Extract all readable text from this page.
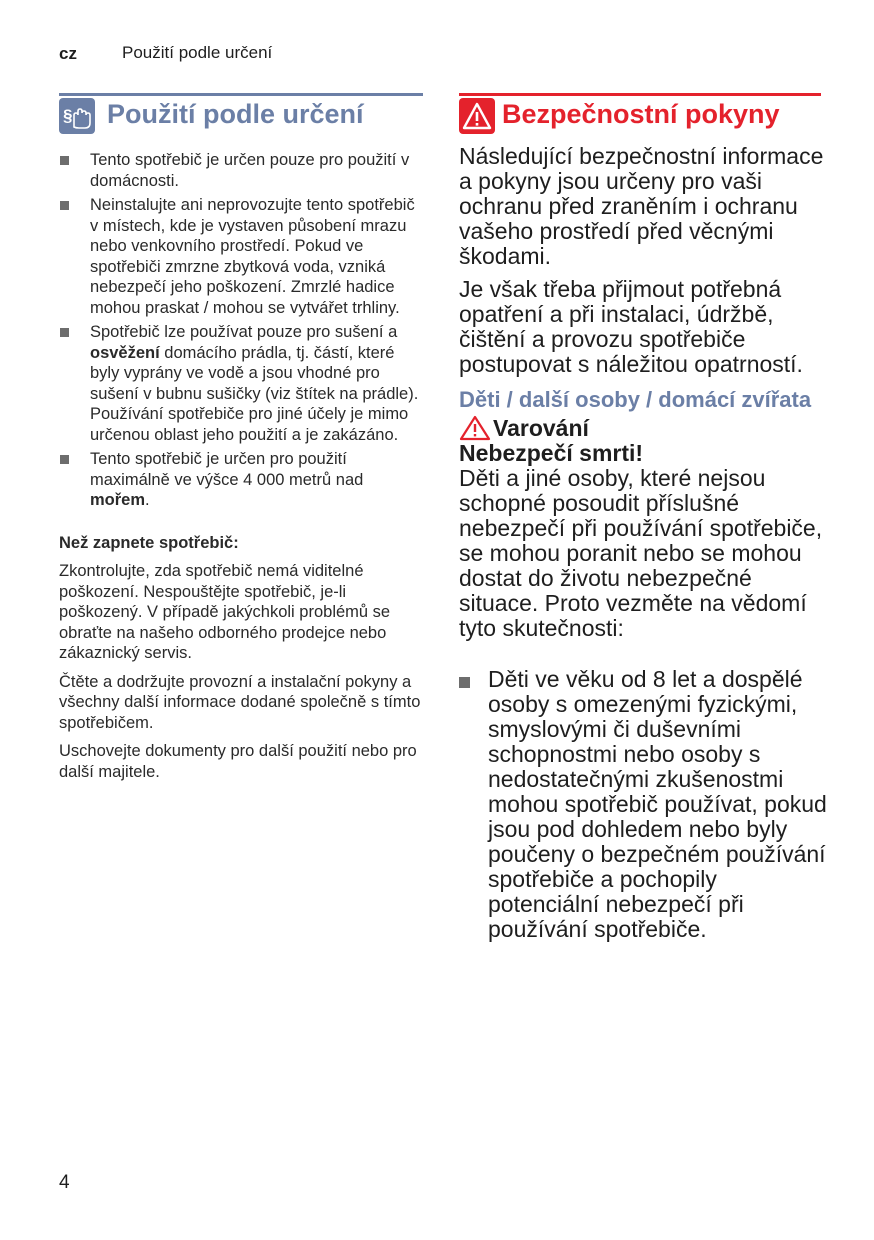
cz	Použití podle určení
§ Použití podle určení	Bezpečnostní pokyny
Tento spotřebič je určen pouze pro použití v domácnosti.
Neinstalujte ani neprovozujte tento spotřebič v místech, kde je vystaven působení mrazu nebo venkovního prostředí. Pokud ve spotřebiči zmrzne zbytková voda, vzniká nebezpečí jeho poškození. Zmrzlé hadice mohou praskat / mohou se vytvářet trhliny.
Spotřebič lze používat pouze pro sušení a osvěžení domácího prádla, tj. částí, které byly vyprány ve vodě a jsou vhodné pro sušení v bubnu sušičky (viz štítek na prádle). Používání spotřebiče pro jiné účely je mimo určenou oblast jeho použití a je zakázáno.
Tento spotřebič je určen pro použití maximálně ve výšce 4 000 metrů nad mořem.
Než zapnete spotřebič:

Zkontrolujte, zda spotřebič nemá viditelné poškození. Nespouštějte spotřebič, je-li poškozený. V případě jakýchkoli problémů se obraťte na našeho odborného prodejce nebo zákaznický servis.

Čtěte a dodržujte provozní a instalační pokyny a všechny další informace dodané společně s tímto spotřebičem.

Uschovejte dokumenty pro další použití nebo pro další majitele.

Následující bezpečnostní informace a pokyny jsou určeny pro vaši ochranu před zraněním i ochranu vašeho prostředí před věcnými škodami.

Je však třeba přijmout potřebná opatření a při instalaci, údržbě, čištění a provozu spotřebiče postupovat s náležitou opatrností.

Děti / další osoby / domácí zvířata
Varování
Nebezpečí smrti!

Děti a jiné osoby, které nejsou schopné posoudit příslušné nebezpečí při používání spotřebiče, se mohou poranit nebo se mohou dostat do životu nebezpečné situace. Proto vezměte na vědomí tyto skutečnosti:

Děti ve věku od 8 let a dospělé osoby s omezenými fyzickými, smyslovými či duševními schopnostmi nebo osoby s nedostatečnými zkušenostmi mohou spotřebič používat, pokud jsou pod dohledem nebo byly poučeny o bezpečném používání spotřebiče a pochopily potenciální nebezpečí při používání spotřebiče.
4
